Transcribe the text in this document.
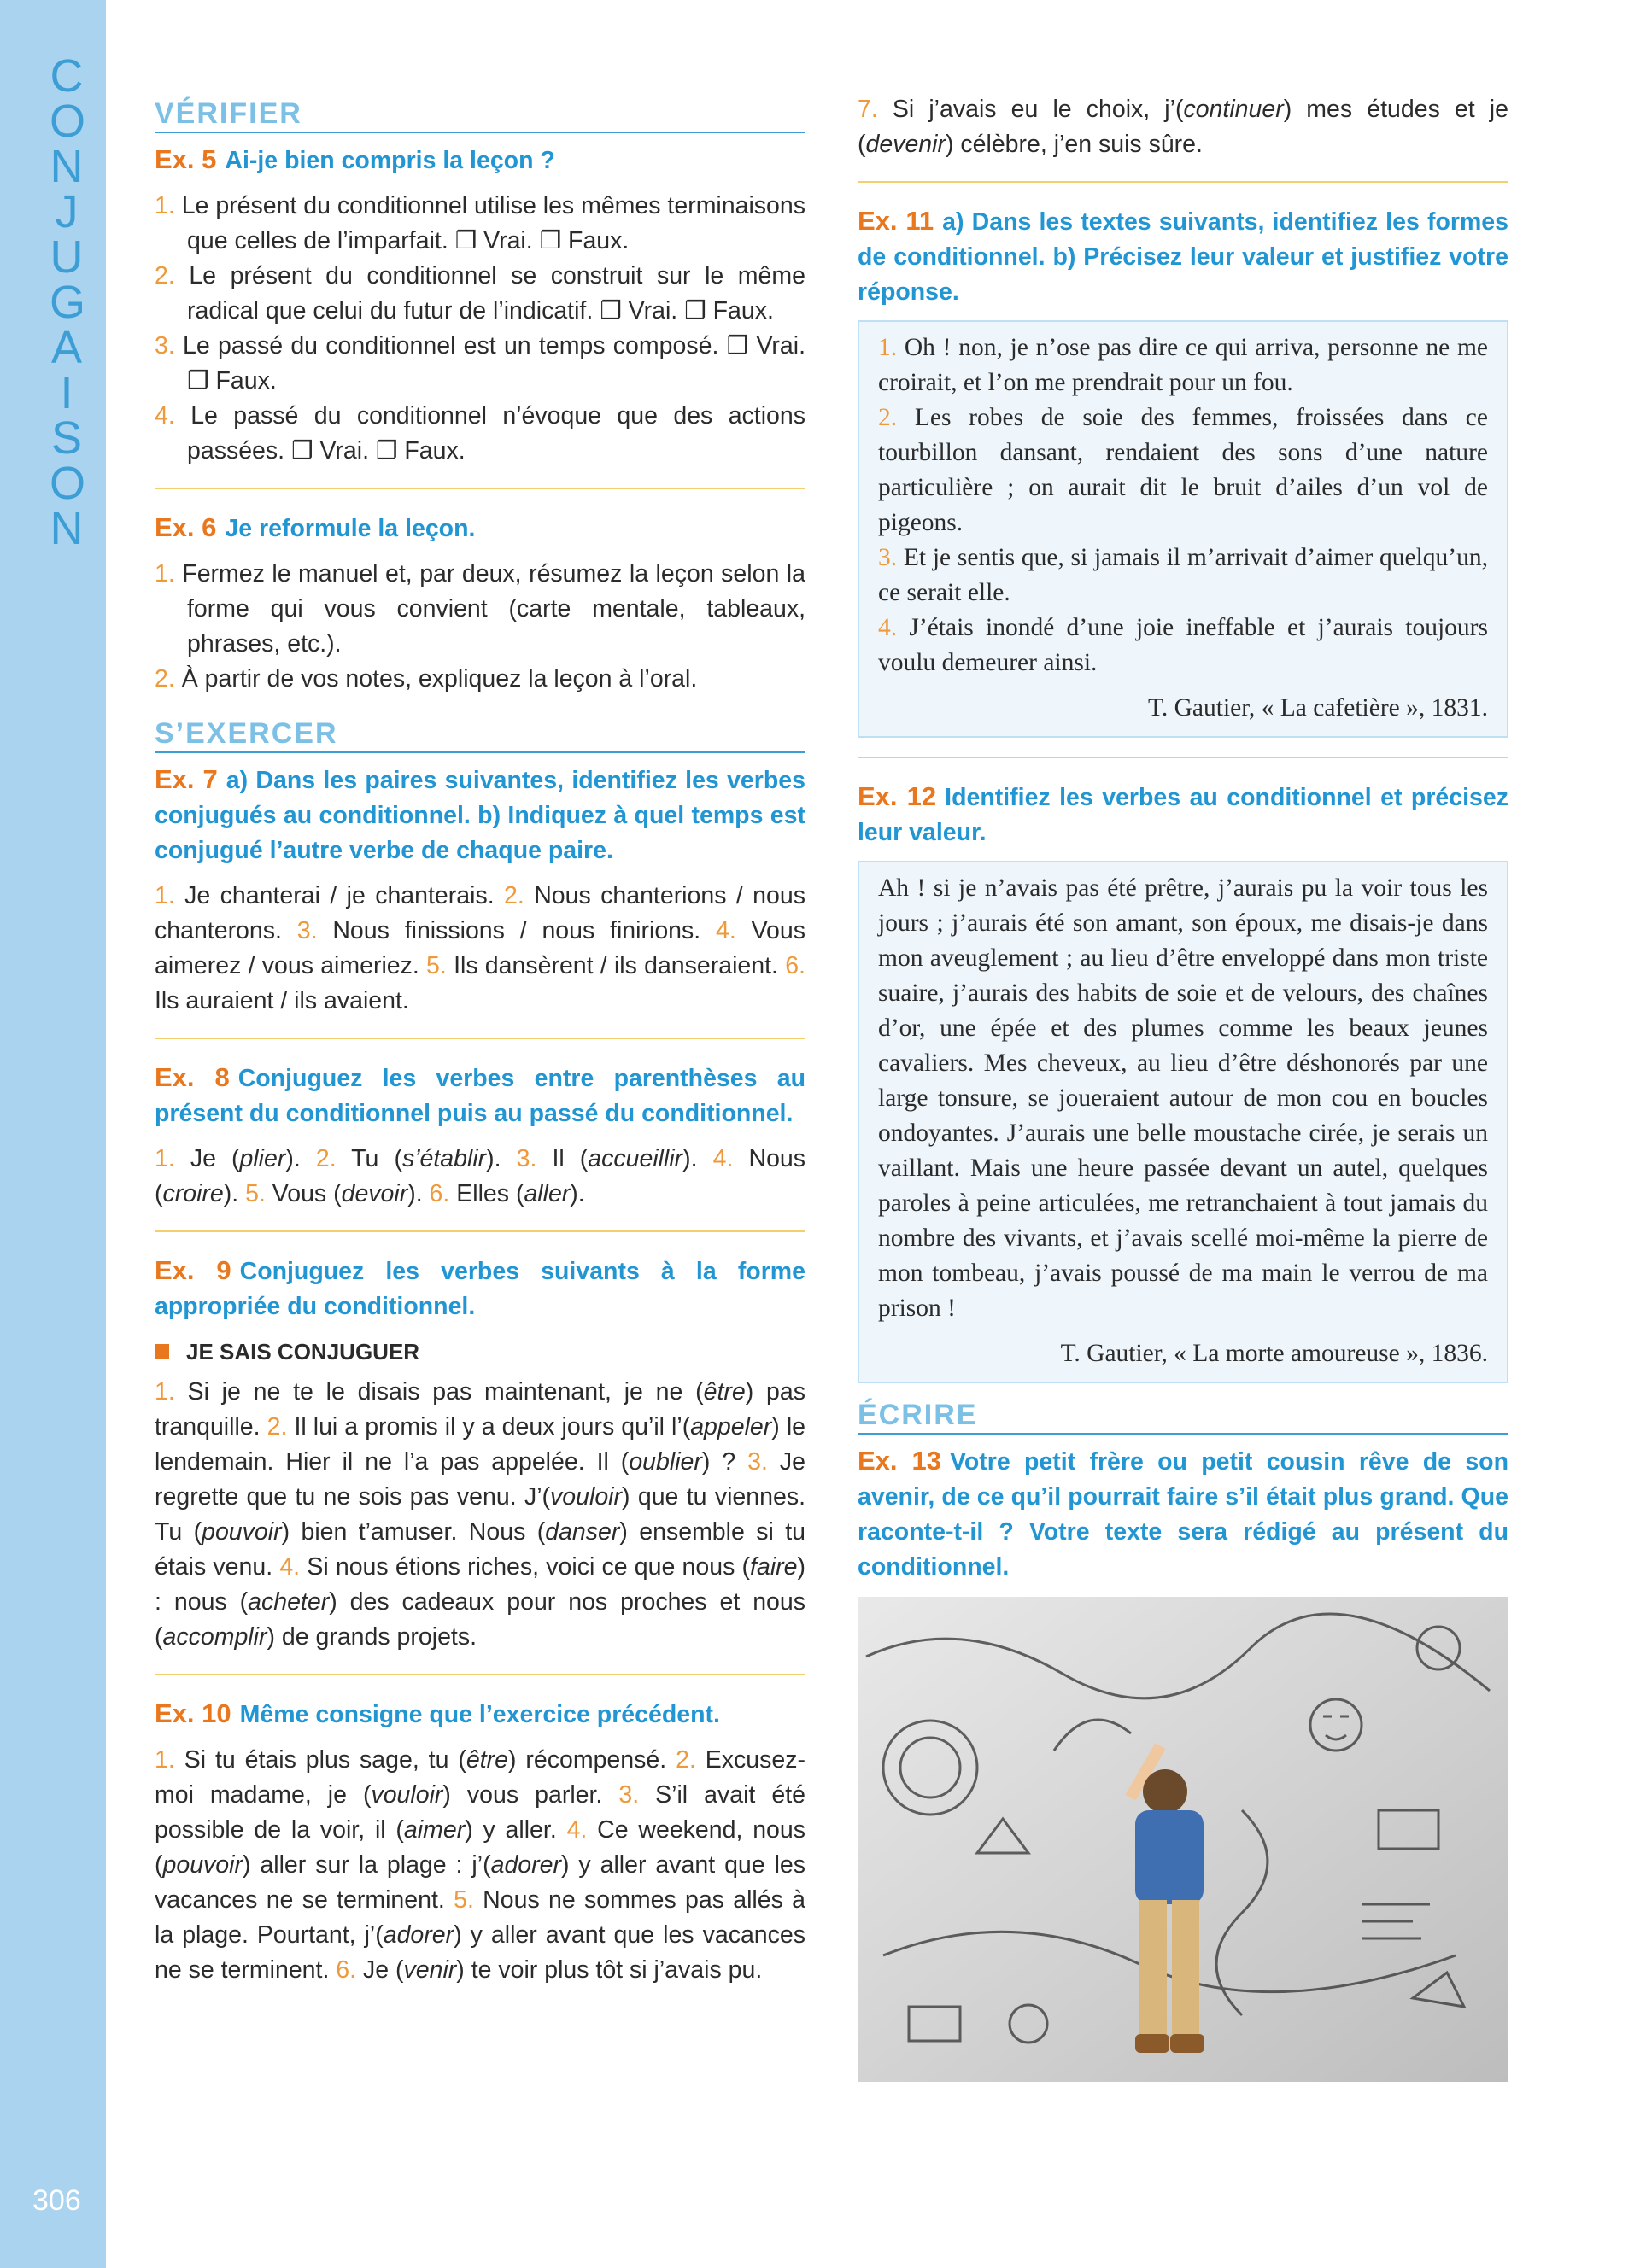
C
O
N
J
U
G
A
I
S
O
N
306
VÉRIFIER
Ex. 5 Ai-je bien compris la leçon ?

1. Le présent du conditionnel utilise les mêmes terminaisons que celles de l’imparfait. ❒ Vrai. ❒ Faux.

2. Le présent du conditionnel se construit sur le même radical que celui du futur de l’indicatif. ❒ Vrai. ❒ Faux.

3. Le passé du conditionnel est un temps composé. ❒ Vrai. ❒ Faux.

4. Le passé du conditionnel n’évoque que des actions passées. ❒ Vrai. ❒ Faux.

Ex. 6 Je reformule la leçon.

1. Fermez le manuel et, par deux, résumez la leçon selon la forme qui vous convient (carte mentale, tableaux, phrases, etc.).

2. À partir de vos notes, expliquez la leçon à l’oral.

S’EXERCER
Ex. 7 a) Dans les paires suivantes, identifiez les verbes conjugués au conditionnel. b) Indiquez à quel temps est conjugué l’autre verbe de chaque paire.

1. Je chanterai / je chanterais. 2. Nous chanterions / nous chanterons. 3. Nous finissions / nous finirions. 4. Vous aimerez / vous aimeriez. 5. Ils dansèrent / ils danseraient. 6. Ils auraient / ils avaient.

Ex. 8 Conjuguez les verbes entre parenthèses au présent du conditionnel puis au passé du conditionnel.

1. Je (plier). 2. Tu (s’établir). 3. Il (accueillir). 4. Nous (croire). 5. Vous (devoir). 6. Elles (aller).

Ex. 9 Conjuguez les verbes suivants à la forme appropriée du conditionnel.
JE SAIS CONJUGUER

1. Si je ne te le disais pas maintenant, je ne (être) pas tranquille. 2. Il lui a promis il y a deux jours qu’il l’(appeler) le lendemain. Hier il ne l’a pas appelée. Il (oublier) ? 3. Je regrette que tu ne sois pas venu. J’(vouloir) que tu viennes. Tu (pouvoir) bien t’amuser. Nous (danser) ensemble si tu étais venu. 4. Si nous étions riches, voici ce que nous (faire) : nous (acheter) des cadeaux pour nos proches et nous (accomplir) de grands projets.

Ex. 10 Même consigne que l’exercice précédent.

1. Si tu étais plus sage, tu (être) récompensé. 2. Excusez-moi madame, je (vouloir) vous parler. 3. S’il avait été possible de la voir, il (aimer) y aller. 4. Ce weekend, nous (pouvoir) aller sur la plage : j’(adorer) y aller avant que les vacances ne se terminent. 5. Nous ne sommes pas allés à la plage. Pourtant, j’(adorer) y aller avant que les vacances ne se terminent. 6. Je (venir) te voir plus tôt si j’avais pu.

7. Si j’avais eu le choix, j’(continuer) mes études et je (devenir) célèbre, j’en suis sûre.

Ex. 11 a) Dans les textes suivants, identifiez les formes de conditionnel. b) Précisez leur valeur et justifiez votre réponse.

1. Oh ! non, je n’ose pas dire ce qui arriva, personne ne me croirait, et l’on me prendrait pour un fou.

2. Les robes de soie des femmes, froissées dans ce tourbillon dansant, rendaient des sons d’une nature particulière ; on aurait dit le bruit d’ailes d’un vol de pigeons.

3. Et je sentis que, si jamais il m’arrivait d’aimer quelqu’un, ce serait elle.

4. J’étais inondé d’une joie ineffable et j’aurais toujours voulu demeurer ainsi.

T. Gautier, « La cafetière », 1831.

Ex. 12 Identifiez les verbes au conditionnel et précisez leur valeur.

Ah ! si je n’avais pas été prêtre, j’aurais pu la voir tous les jours ; j’aurais été son amant, son époux, me disais-je dans mon aveuglement ; au lieu d’être enveloppé dans mon triste suaire, j’aurais des habits de soie et de velours, des chaînes d’or, une épée et des plumes comme les beaux jeunes cavaliers. Mes cheveux, au lieu d’être déshonorés par une large tonsure, se joueraient autour de mon cou en boucles ondoyantes. J’aurais une belle moustache cirée, je serais un vaillant. Mais une heure passée devant un autel, quelques paroles à peine articulées, me retranchaient à tout jamais du nombre des vivants, et j’avais scellé moi-même la pierre de mon tombeau, j’avais poussé de ma main le verrou de ma prison !

T. Gautier, « La morte amoureuse », 1836.

ÉCRIRE
Ex. 13 Votre petit frère ou petit cousin rêve de son avenir, de ce qu’il pourrait faire s’il était plus grand. Que raconte-t-il ? Votre texte sera rédigé au présent du conditionnel.
